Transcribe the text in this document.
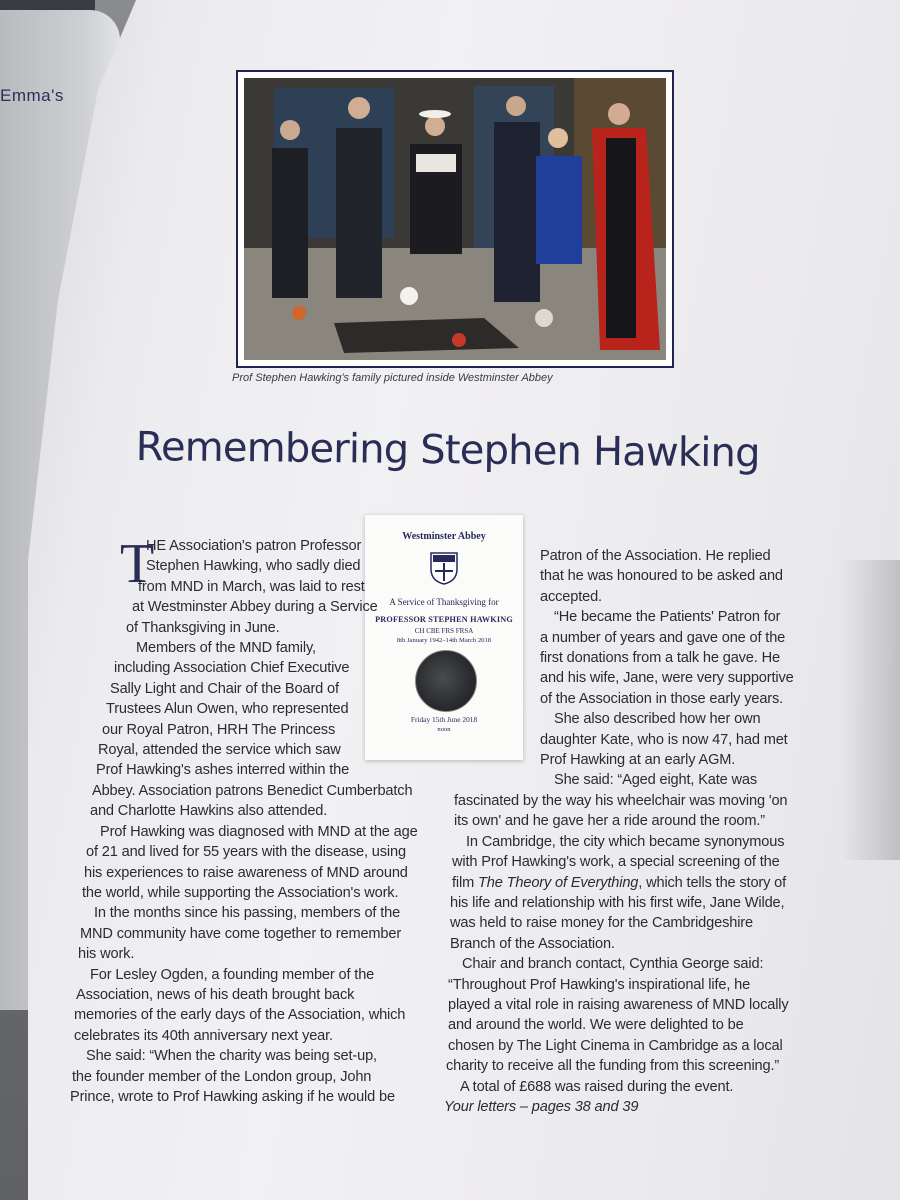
Emma's
Prof Stephen Hawking's family pictured inside Westminster Abbey
Remembering Stephen Hawking
Westminster Abbey
A Service of Thanksgiving for
PROFESSOR STEPHEN HAWKING
CH CBE FRS FRSA
8th January 1942–14th March 2018
Friday 15th June 2018
noon
T

HE Association's patron Professor

Stephen Hawking, who sadly died

from MND in March, was laid to rest

at Westminster Abbey during a Service

of Thanksgiving in June.

Members of the MND family,

including Association Chief Executive

Sally Light and Chair of the Board of

Trustees Alun Owen, who represented

our Royal Patron, HRH The Princess

Royal, attended the service which saw

Prof Hawking's ashes interred within the

Abbey. Association patrons Benedict Cumberbatch

and Charlotte Hawkins also attended.

Prof Hawking was diagnosed with MND at the age

of 21 and lived for 55 years with the disease, using

his experiences to raise awareness of MND around

the world, while supporting the Association's work.

In the months since his passing, members of the

MND community have come together to remember

his work.

For Lesley Ogden, a founding member of the

Association, news of his death brought back

memories of the early days of the Association, which

celebrates its 40th anniversary next year.

She said: “When the charity was being set-up,

the founder member of the London group, John

Prince, wrote to Prof Hawking asking if he would be

Patron of the Association. He replied

that he was honoured to be asked and

accepted.

“He became the Patients' Patron for

a number of years and gave one of the

first donations from a talk he gave. He

and his wife, Jane, were very supportive

of the Association in those early years.

She also described how her own

daughter Kate, who is now 47, had met

Prof Hawking at an early AGM.

She said: “Aged eight, Kate was

fascinated by the way his wheelchair was moving 'on

its own' and he gave her a ride around the room.”

In Cambridge, the city which became synonymous

with Prof Hawking's work, a special screening of the

film The Theory of Everything, which tells the story of

his life and relationship with his first wife, Jane Wilde,

was held to raise money for the Cambridgeshire

Branch of the Association.

Chair and branch contact, Cynthia George said:

“Throughout Prof Hawking's inspirational life, he

played a vital role in raising awareness of MND locally

and around the world. We were delighted to be

chosen by The Light Cinema in Cambridge as a local

charity to receive all the funding from this screening.”

A total of £688 was raised during the event.

Your letters – pages 38 and 39
